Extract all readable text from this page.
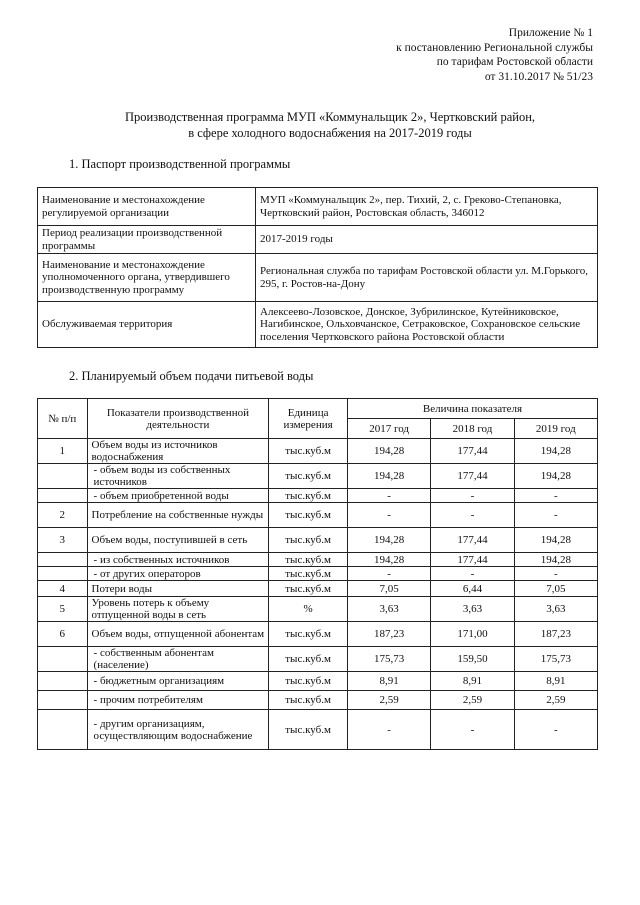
Приложение № 1
к постановлению Региональной службы
по тарифам Ростовской области
от 31.10.2017 № 51/23
Производственная программа МУП «Коммунальщик 2», Чертковский район,
в сфере холодного водоснабжения на 2017-2019 годы
1. Паспорт производственной программы
Наименование и местонахождение регулируемой организации	МУП «Коммунальщик 2», пер. Тихий, 2, с. Греково-Степановка, Чертковский район, Ростовская область, 346012
Период реализации производственной программы	2017-2019 годы
Наименование и местонахождение уполномоченного органа, утвердившего производственную программу	Региональная служба по тарифам Ростовской области ул. М.Горького, 295, г. Ростов-на-Дону
Обслуживаемая территория	Алексеево-Лозовское, Донское, Зубрилинское, Кутейниковское, Нагибинское, Ольховчанское, Сетраковское, Сохрановское сельские поселения Чертковского района Ростовской области
2. Планируемый объем подачи питьевой воды
№ п/п	Показатели производственной деятельности	Единица измерения	Величина показателя		
			2017 год	2018 год	2019 год
1	Объем воды из источников водоснабжения	тыс.куб.м	194,28	177,44	194,28
	- объем воды из собственных источников	тыс.куб.м	194,28	177,44	194,28
	- объем приобретенной воды	тыс.куб.м	-	-	-
2	Потребление на собственные нужды	тыс.куб.м	-	-	-
3	Объем воды, поступившей в сеть	тыс.куб.м	194,28	177,44	194,28
	- из собственных источников	тыс.куб.м	194,28	177,44	194,28
	- от других операторов	тыс.куб.м	-	-	-
4	Потери воды	тыс.куб.м	7,05	6,44	7,05
5	Уровень потерь к объему отпущенной воды в сеть	%	3,63	3,63	3,63
6	Объем воды, отпущенной абонентам	тыс.куб.м	187,23	171,00	187,23
	- собственным абонентам (население)	тыс.куб.м	175,73	159,50	175,73
	- бюджетным организациям	тыс.куб.м	8,91	8,91	8,91
	- прочим потребителям	тыс.куб.м	2,59	2,59	2,59
	- другим организациям, осуществляющим водоснабжение	тыс.куб.м	-	-	-
